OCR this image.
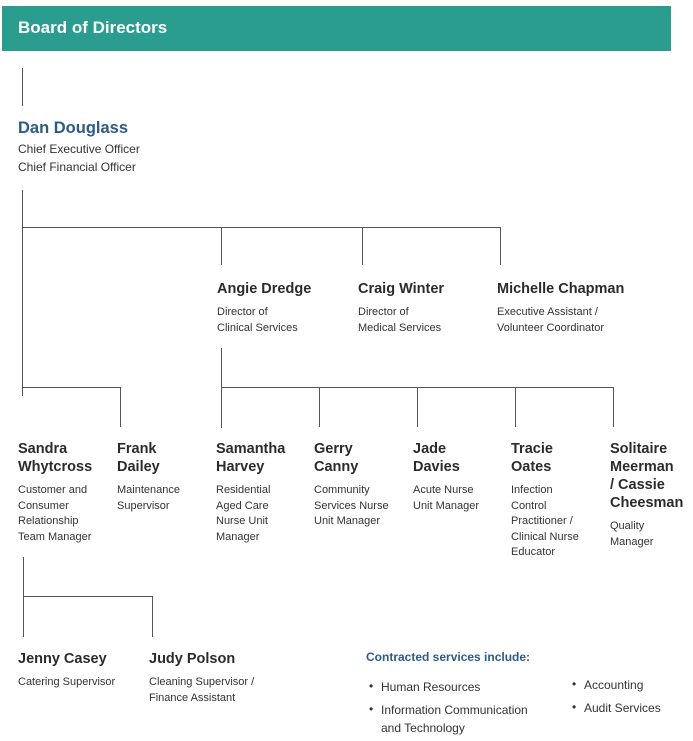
Board of Directors
Dan Douglass
Chief Executive Officer
Chief Financial Officer
Angie Dredge
Director of
Clinical Services
Craig Winter
Director of
Medical Services
Michelle Chapman
Executive Assistant /
Volunteer Coordinator
Sandra
Whytcross
Customer and
Consumer
Relationship
Team Manager
Frank
Dailey
Maintenance
Supervisor
Samantha
Harvey
Residential
Aged Care
Nurse Unit
Manager
Gerry
Canny
Community
Services Nurse
Unit Manager
Jade
Davies
Acute Nurse
Unit Manager
Tracie
Oates
Infection
Control
Practitioner /
Clinical Nurse
Educator
Solitaire
Meerman
/ Cassie
Cheesman
Quality
Manager
Jenny Casey
Catering Supervisor
Judy Polson
Cleaning Supervisor /
Finance Assistant
Contracted services include:
• Human Resources
• Information Communication
and Technology
• Accounting
• Audit Services
